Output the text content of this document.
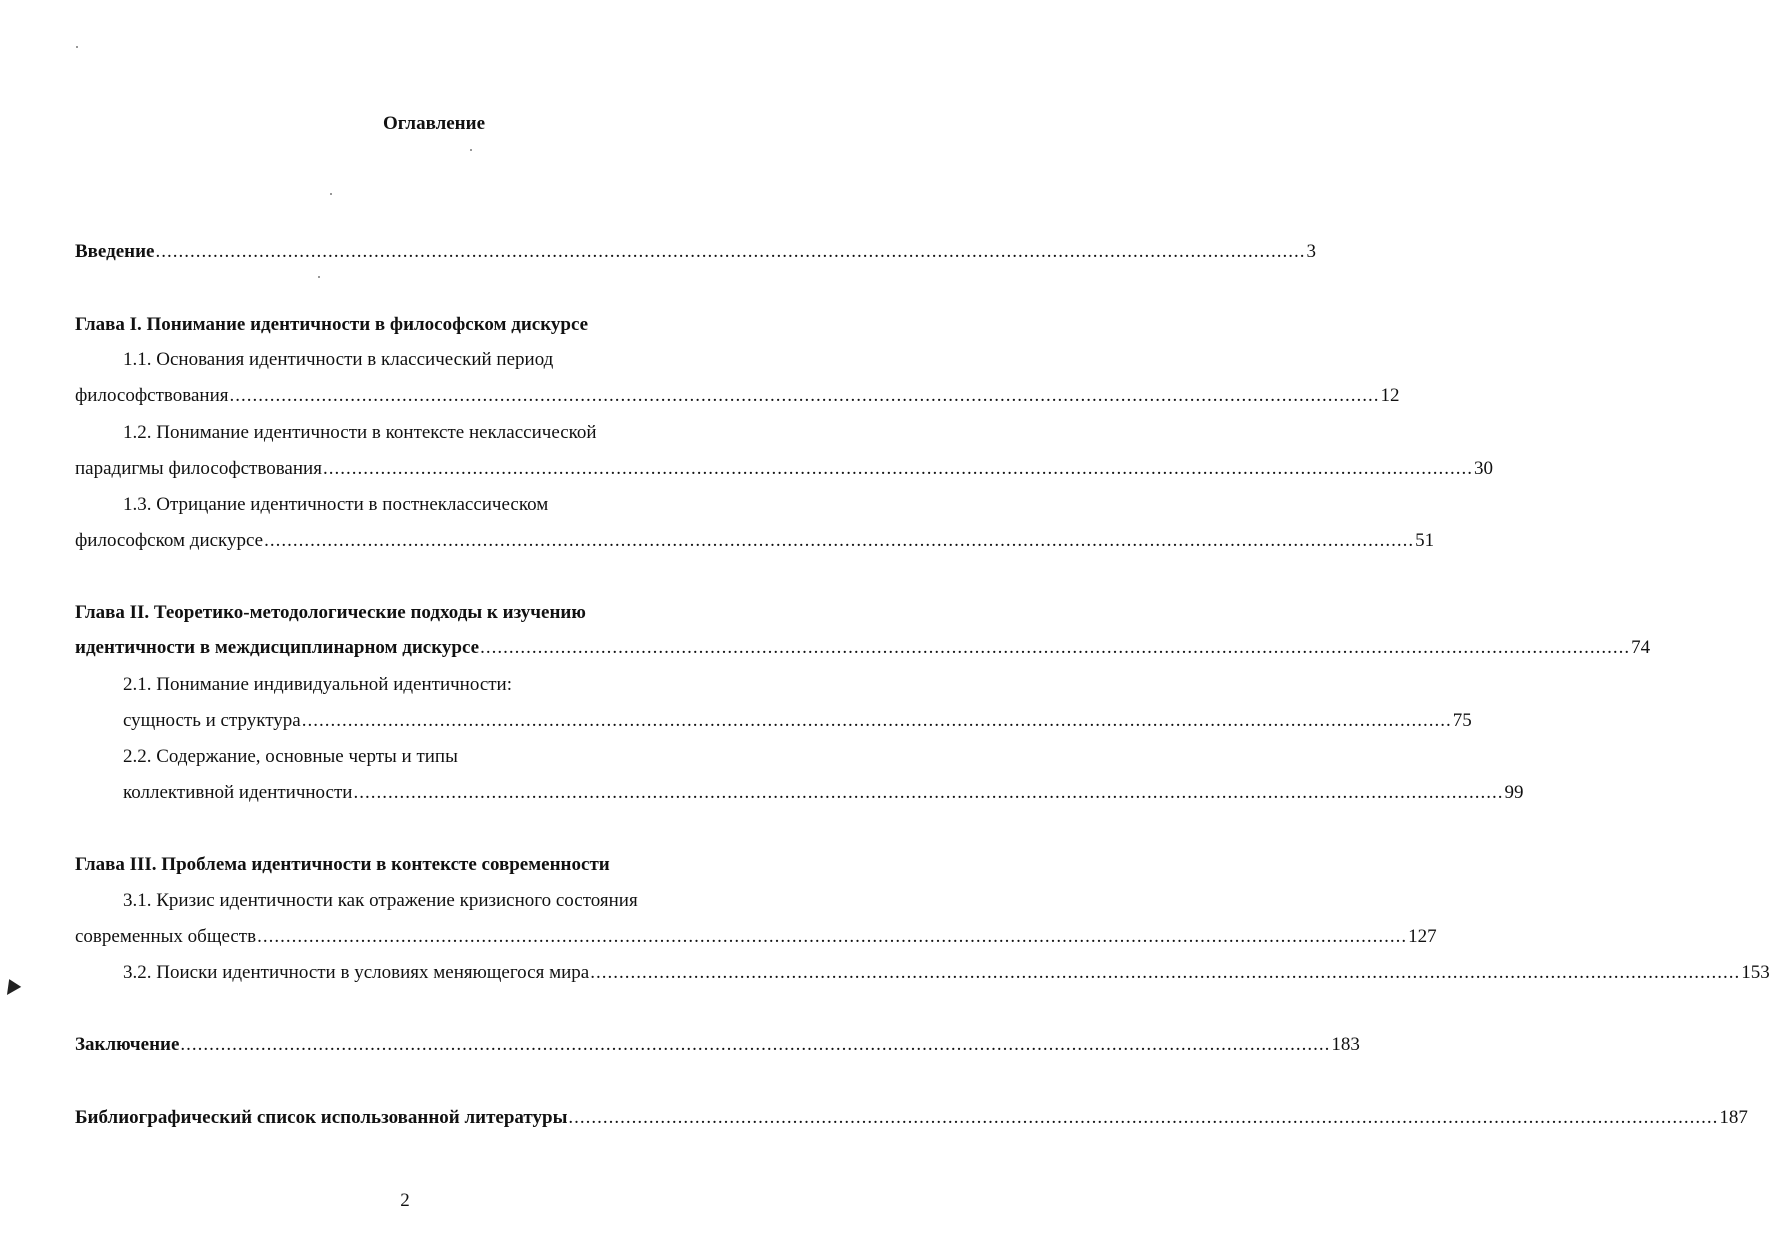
Оглавление
Введение ........................................................................................................................................................................................................ 3
Глава I. Понимание идентичности в философском дискурсе
1.1. Основания идентичности в классический период
философствования ........................................................................................................................................................................................................ 12
1.2. Понимание идентичности в контексте неклассической
парадигмы философствования ........................................................................................................................................................................................................ 30
1.3. Отрицание идентичности в постнеклассическом
философском дискурсе ........................................................................................................................................................................................................ 51
Глава II. Теоретико-методологические подходы к изучению
идентичности в междисциплинарном дискурсе ........................................................................................................................................................................................................ 74
2.1. Понимание индивидуальной идентичности:
сущность и структура ........................................................................................................................................................................................................ 75
2.2. Содержание, основные черты и типы
коллективной идентичности ........................................................................................................................................................................................................ 99
Глава III. Проблема идентичности в контексте современности
3.1. Кризис идентичности как отражение кризисного состояния
современных обществ ........................................................................................................................................................................................................ 127
3.2. Поиски идентичности в условиях меняющегося мира ........................................................................................................................................................................................................ 153
Заключение ........................................................................................................................................................................................................ 183
Библиографический список использованной литературы ........................................................................................................................................................................................................ 187
2
